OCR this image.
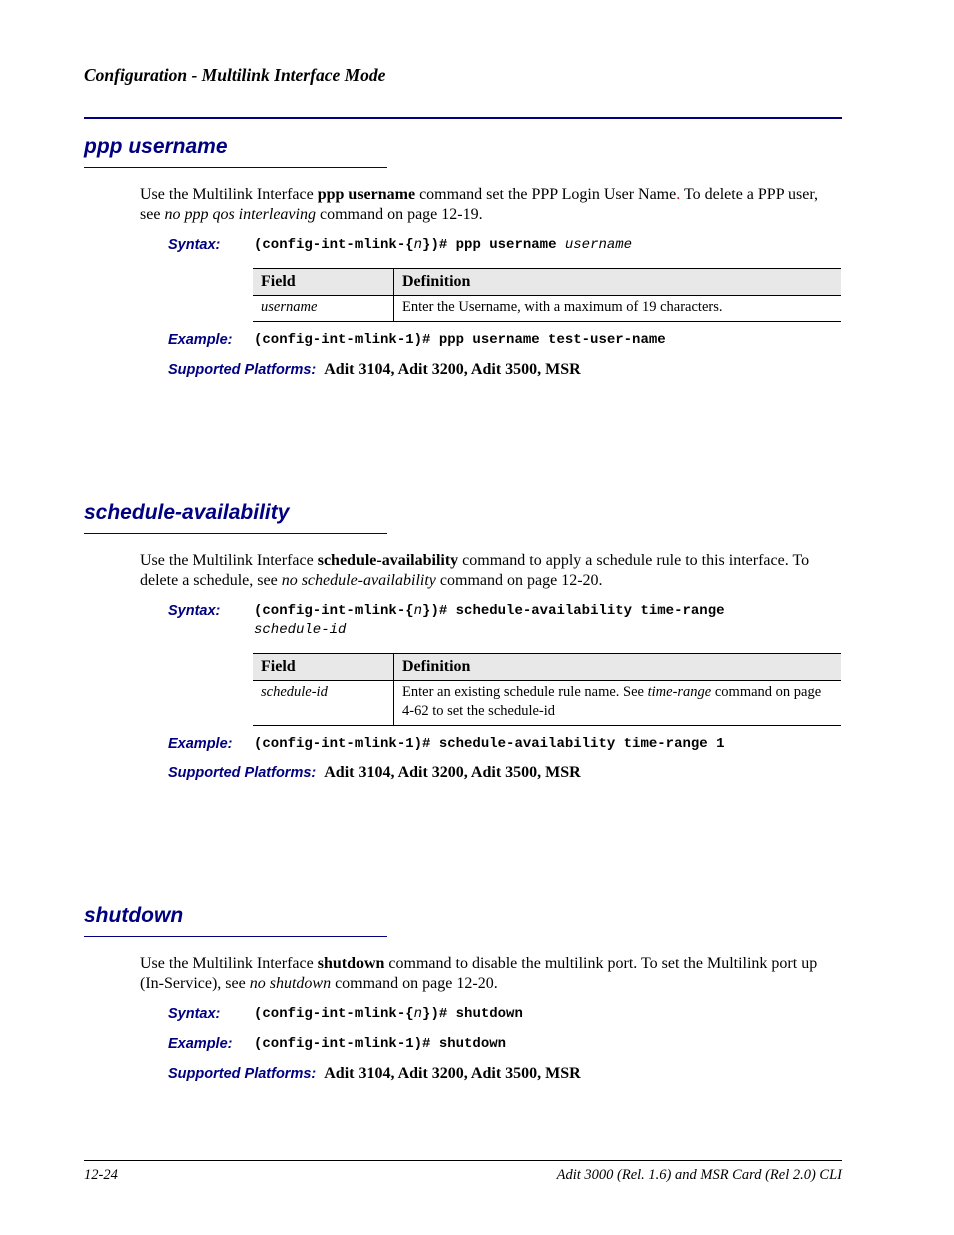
Configuration - Multilink Interface Mode
ppp username
Use the Multilink Interface ppp username command set the PPP Login User Name. To delete a PPP user, see no ppp qos interleaving command on page 12-19.
Syntax: (config-int-mlink-{n})# ppp username username
Field	Definition
username	Enter the Username, with a maximum of 19 characters.
Example: (config-int-mlink-1)# ppp username test-user-name
Supported Platforms: Adit 3104, Adit 3200, Adit 3500, MSR
schedule-availability
Use the Multilink Interface schedule-availability command to apply a schedule rule to this interface. To delete a schedule, see no schedule-availability command on page 12-20.
Syntax: (config-int-mlink-{n})# schedule-availability time-range
schedule-id
Field	Definition
schedule-id	Enter an existing schedule rule name. See time-range command on page 4-62 to set the schedule-id
Example: (config-int-mlink-1)# schedule-availability time-range 1
Supported Platforms: Adit 3104, Adit 3200, Adit 3500, MSR
shutdown
Use the Multilink Interface shutdown command to disable the multilink port. To set the Multilink port up (In-Service), see no shutdown command on page 12-20.
Syntax: (config-int-mlink-{n})# shutdown
Example: (config-int-mlink-1)# shutdown
Supported Platforms: Adit 3104, Adit 3200, Adit 3500, MSR
12-24	Adit 3000 (Rel. 1.6) and MSR Card (Rel 2.0) CLI
